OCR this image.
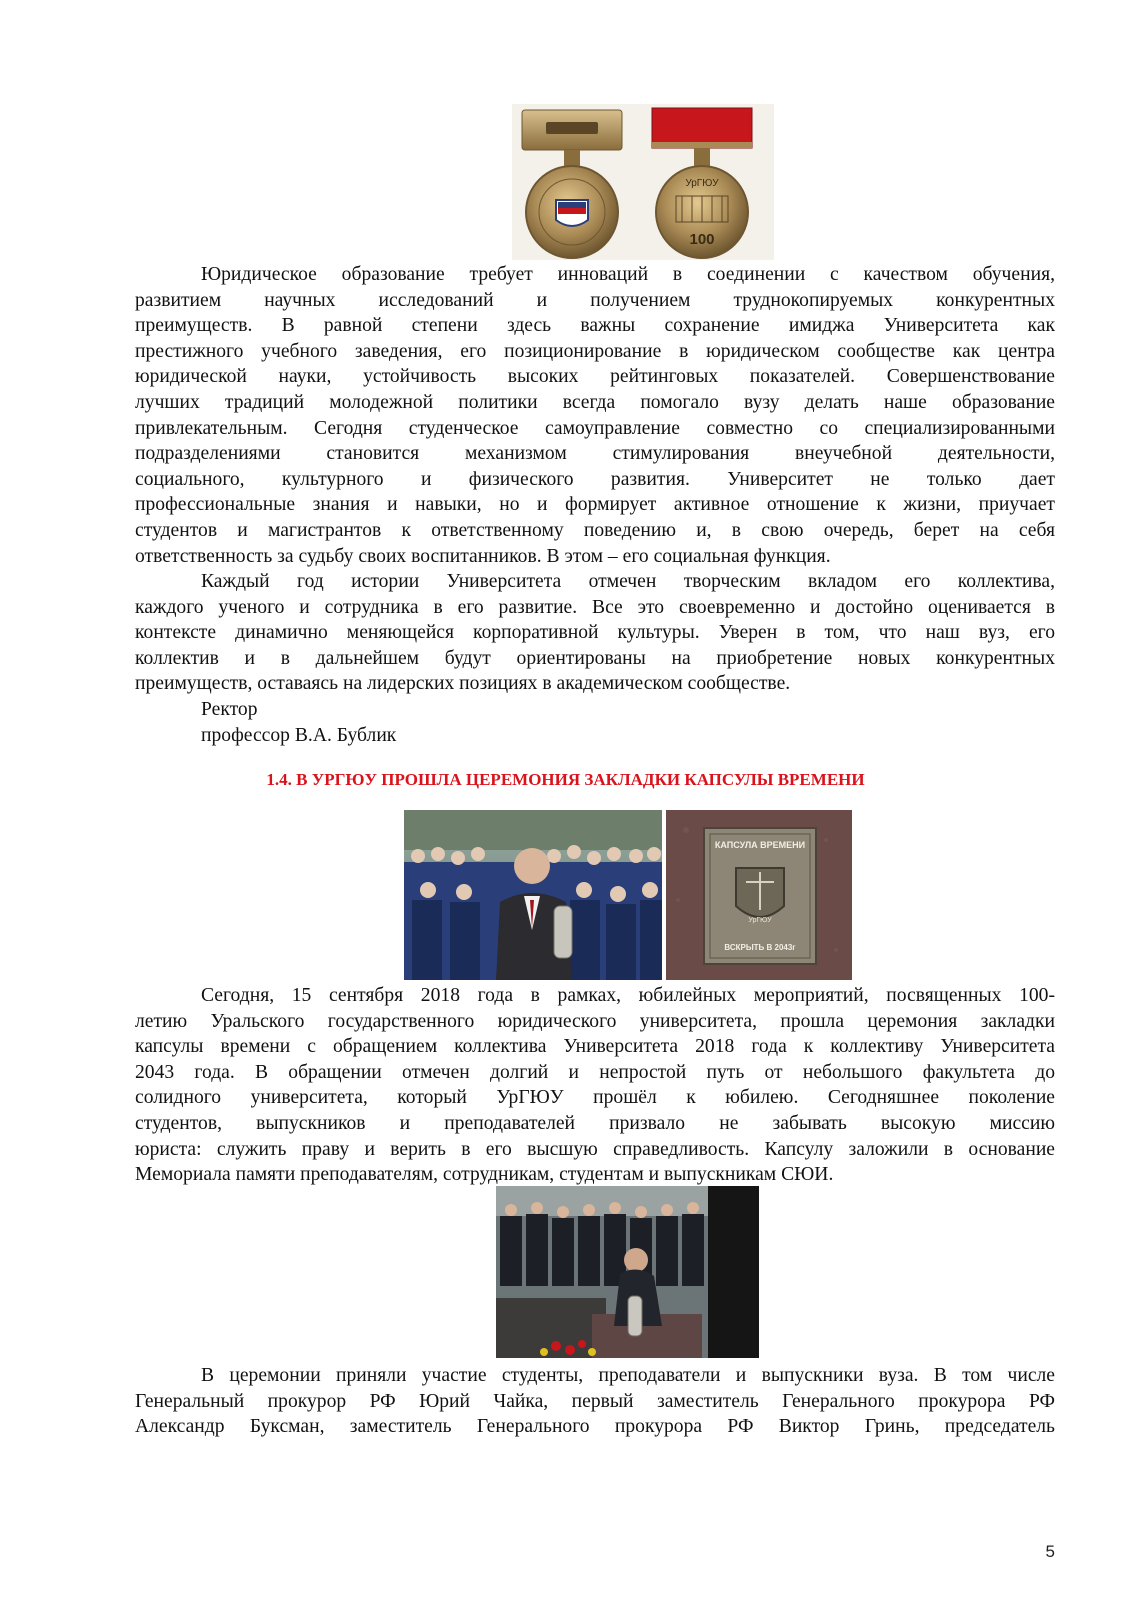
УрГЮУ
100
Юридическое образование требует инноваций в соединении с качеством обучения,
развитием научных исследований и получением труднокопируемых конкурентных
преимуществ. В равной степени здесь важны сохранение имиджа Университета как
престижного учебного заведения, его позиционирование в юридическом сообществе как центра
юридической науки, устойчивость высоких рейтинговых показателей. Совершенствование
лучших традиций молодежной политики всегда помогало вузу делать наше образование
привлекательным. Сегодня студенческое самоуправление совместно со специализированными
подразделениями становится механизмом стимулирования внеучебной деятельности,
социального, культурного и физического развития. Университет не только дает
профессиональные знания и навыки, но и формирует активное отношение к жизни, приучает
студентов и магистрантов к ответственному поведению и, в свою очередь, берет на себя
ответственность за судьбу своих воспитанников. В этом – его социальная функция.
Каждый год истории Университета отмечен творческим вкладом его коллектива,
каждого ученого и сотрудника в его развитие. Все это своевременно и достойно оценивается в
контексте динамично меняющейся корпоративной культуры. Уверен в том, что наш вуз, его
коллектив и в дальнейшем будут ориентированы на приобретение новых конкурентных
преимуществ, оставаясь на лидерских позициях в академическом сообществе.
Ректор
профессор В.А. Бублик
1.4. В УРГЮУ ПРОШЛА ЦЕРЕМОНИЯ ЗАКЛАДКИ КАПСУЛЫ ВРЕМЕНИ
КАПСУЛА ВРЕМЕНИ
УрГЮУ
ВСКРЫТЬ В 2043г
Сегодня, 15 сентября 2018 года в рамках, юбилейных мероприятий, посвященных 100-
летию Уральского государственного юридического университета, прошла церемония закладки
капсулы времени с обращением коллектива Университета 2018 года к коллективу Университета
2043 года. В обращении отмечен долгий и непростой путь от небольшого факультета до
солидного университета, который УрГЮУ прошёл к юбилею. Сегодняшнее поколение
студентов, выпускников и преподавателей призвало не забывать высокую миссию
юриста: служить праву и верить в его высшую справедливость. Капсулу заложили в основание
Мемориала памяти преподавателям, сотрудникам, студентам и выпускникам СЮИ.
В церемонии приняли участие студенты, преподаватели и выпускники вуза. В том числе
Генеральный прокурор РФ Юрий Чайка, первый заместитель Генерального прокурора РФ
Александр Буксман, заместитель Генерального прокурора РФ Виктор Гринь, председатель
5
